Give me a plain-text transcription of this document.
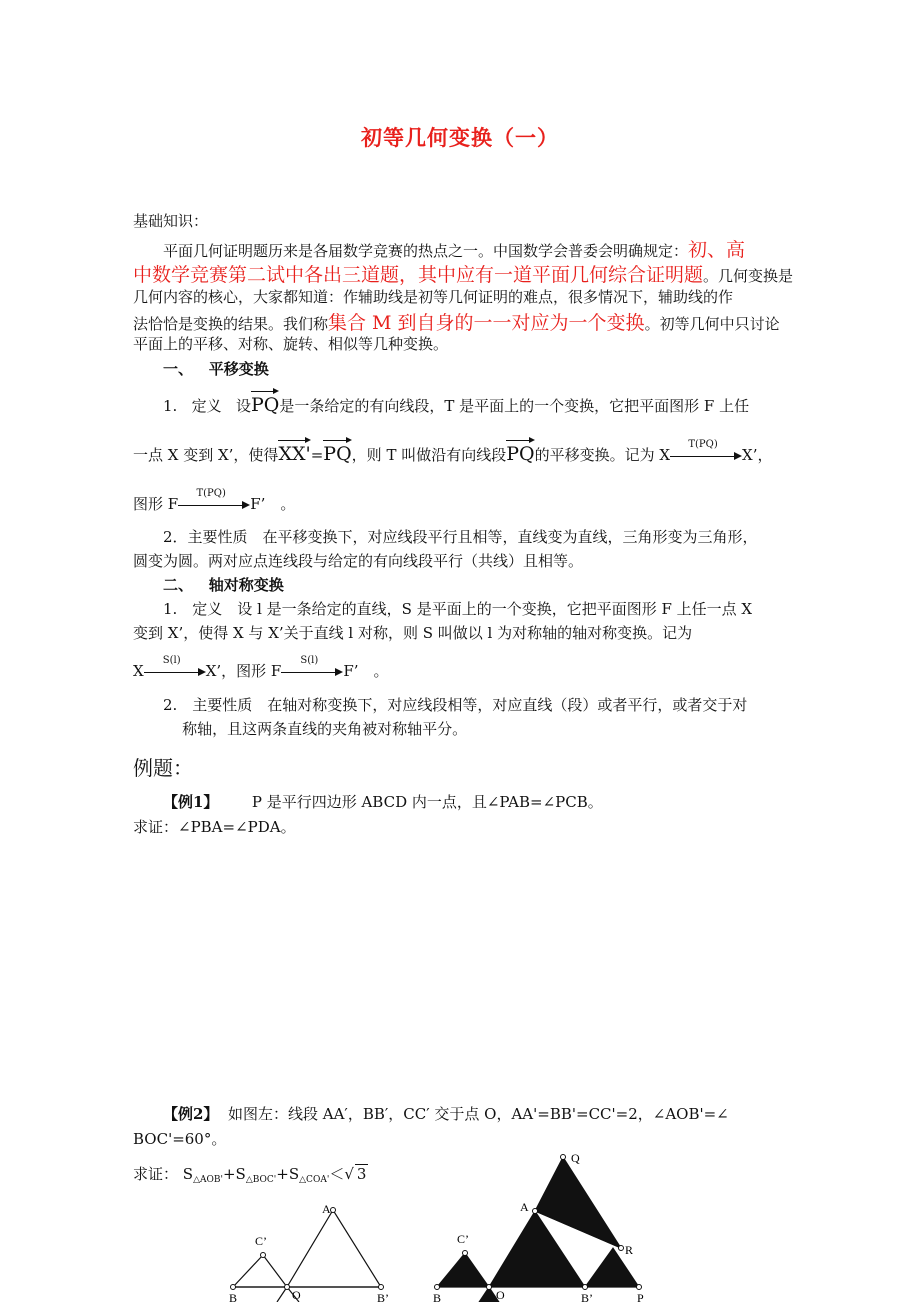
初等几何变换（一）
基础知识：
平面几何证明题历来是各届数学竞赛的热点之一。中国数学会普委会明确规定：初、高
中数学竞赛第二试中各出三道题，其中应有一道平面几何综合证明题。几何变换是
几何内容的核心，大家都知道：作辅助线是初等几何证明的难点，很多情况下，辅助线的作
法恰恰是变换的结果。我们称集合 M 到自身的一一对应为一个变换。初等几何中只讨论
平面上的平移、对称、旋转、相似等几种变换。
一、 平移变换
1. 定义 设PQ是一条给定的有向线段，T 是平面上的一个变换，它把平面图形 F 上任
一点 X 变到 X’，使得XX'=PQ，则 T 叫做沿有向线段PQ的平移变换。记为 X
T(PQ)
X’，
图形 F
T(PQ)
F’　。
2．主要性质　在平移变换下，对应线段平行且相等，直线变为直线，三角形变为三角形，
圆变为圆。两对应点连线段与给定的有向线段平行（共线）且相等。
二、 轴对称变换
1.　定义　设 l 是一条给定的直线，S 是平面上的一个变换，它把平面图形 F 上任一点 X
变到 X’，使得 X 与 X’关于直线 l 对称，则 S 叫做以 l 为对称轴的轴对称变换。记为
X
S(l)
X’，图形 F
S(l)
F’　。
2.　主要性质　在轴对称变换下，对应线段相等，对应直线（段）或者平行，或者交于对
称轴，且这两条直线的夹角被对称轴平分。
例题：
【例1】 P 是平行四边形 ABCD 内一点，且∠PAB=∠PCB。
求证：∠PBA=∠PDA。
【例2】 如图左：线段 AA′，BB′，CC′ 交于点 O，AA'=BB'=CC'=2，∠AOB'=∠
BOC'=60°。
求证： $S_{\triangle AOB'}+S_{\triangle BOC'}+S_{\triangle COA'}<√$ 3
A
C’
B	O	B’
Q
A
C’
R
B	O	B’	P
